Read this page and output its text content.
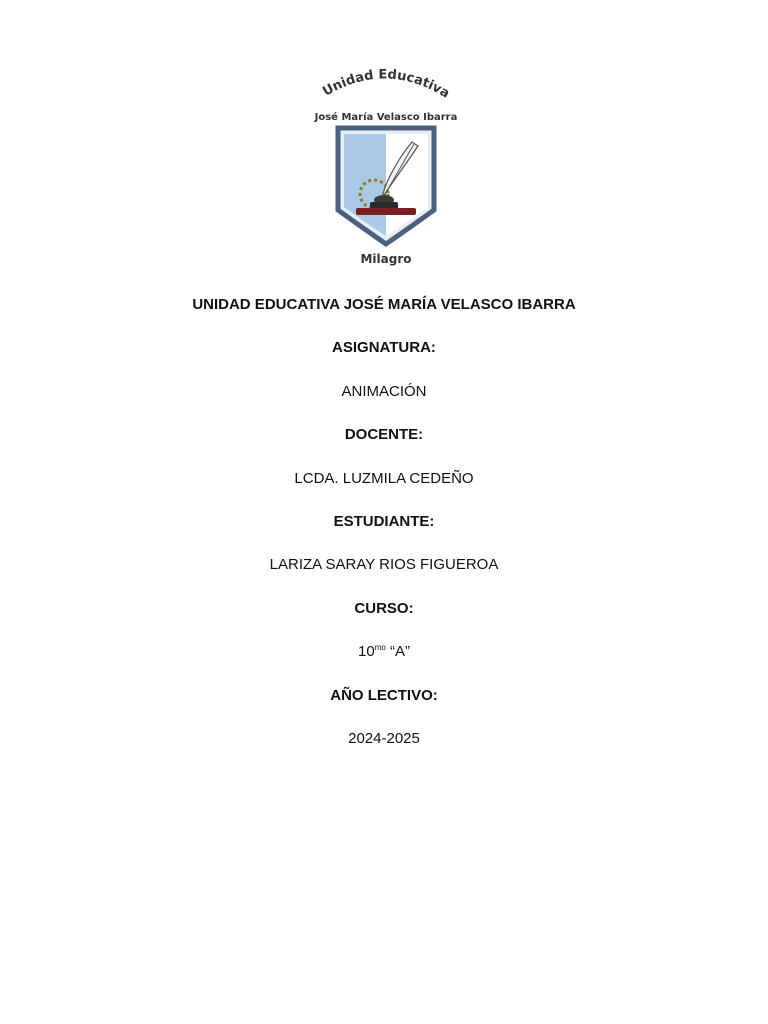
Unidad Educativa
José María Velasco Ibarra
Milagro
UNIDAD EDUCATIVA JOSÉ MARÍA VELASCO IBARRA
ASIGNATURA:
ANIMACIÓN
DOCENTE:
LCDA. LUZMILA CEDEÑO
ESTUDIANTE:
LARIZA SARAY RIOS FIGUEROA
CURSO:
$10^{mo}$ “A”
AÑO LECTIVO:
2024-2025
